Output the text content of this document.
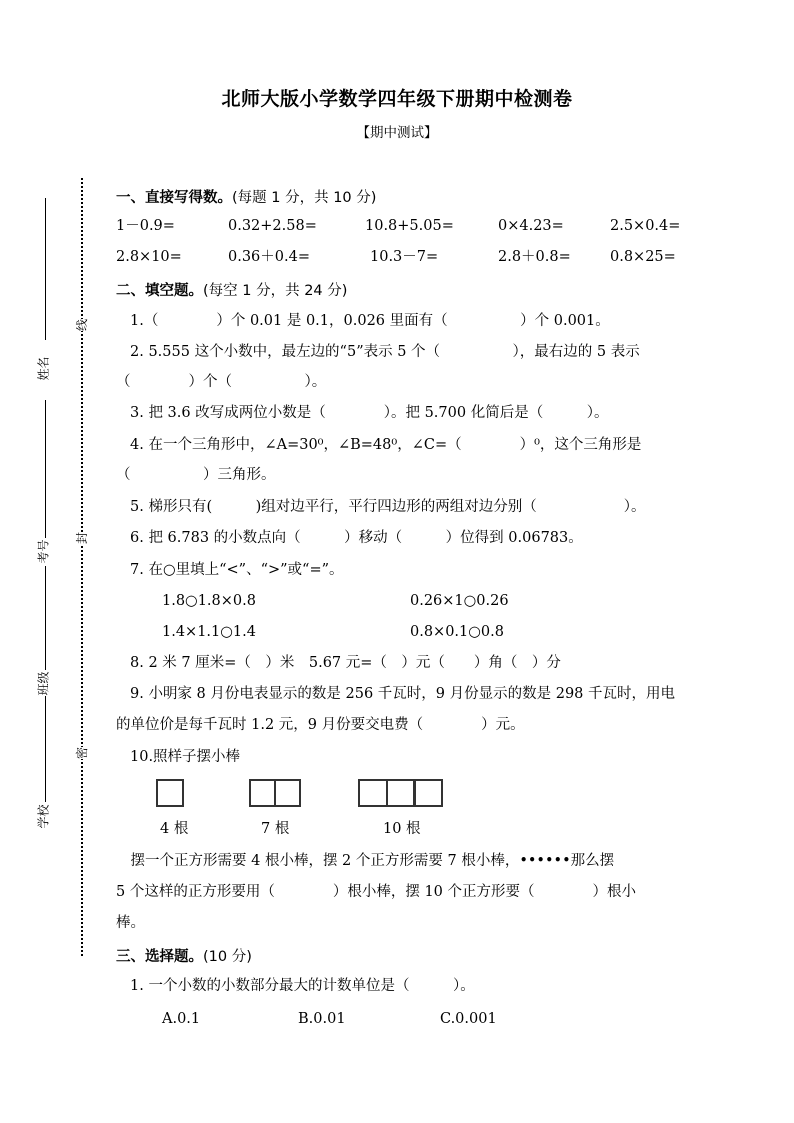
北师大版小学数学四年级下册期中检测卷
【期中测试】
线
封
密
姓名
考号
班级
学校
一、直接写得数。(每题 1 分，共 10 分)
1－0.9=	0.32+2.58=	10.8+5.05=	0×4.23=	2.5×0.4=
2.8×10=	0.36＋0.4=	10.3－7=	2.8＋0.8=	0.8×25=
二、填空题。(每空 1 分，共 24 分)
1.（　　　　）个 0.01 是 0.1，0.026 里面有（　　　　　）个 0.001。
2. 5.555 这个小数中，最左边的“5”表示 5 个（　　　　　），最右边的 5 表示
（　　　　）个（　　　　　）。
3. 把 3.6 改写成两位小数是（　　　　）。把 5.700 化简后是（　　　）。
4. 在一个三角形中，∠A=30⁰，∠B=48⁰，∠C=（　　　　）⁰，这个三角形是
（　　　　　）三角形。
5. 梯形只有(　　　)组对边平行，平行四边形的两组对边分别（　　　　　　）。
6. 把 6.783 的小数点向（　　　）移动（　　　）位得到 0.06783。
7. 在○里填上“<”、“>”或“=”。
1.8○1.8×0.8	0.26×1○0.26
1.4×1.1○1.4	0.8×0.1○0.8
8. 2 米 7 厘米=（　）米　5.67 元=（　）元（　　）角（　）分
9. 小明家 8 月份电表显示的数是 256 千瓦时，9 月份显示的数是 298 千瓦时，用电
的单位价是每千瓦时 1.2 元，9 月份要交电费（　　　　）元。
10.照样子摆小棒
4 根	7 根	10 根
　摆一个正方形需要 4 根小棒，摆 2 个正方形需要 7 根小棒，••••••那么摆
5 个这样的正方形要用（　　　　）根小棒，摆 10 个正方形要（　　　　）根小
棒。
三、选择题。(10 分)
1. 一个小数的小数部分最大的计数单位是（　　　）。
A.0.1	B.0.01	C.0.001
